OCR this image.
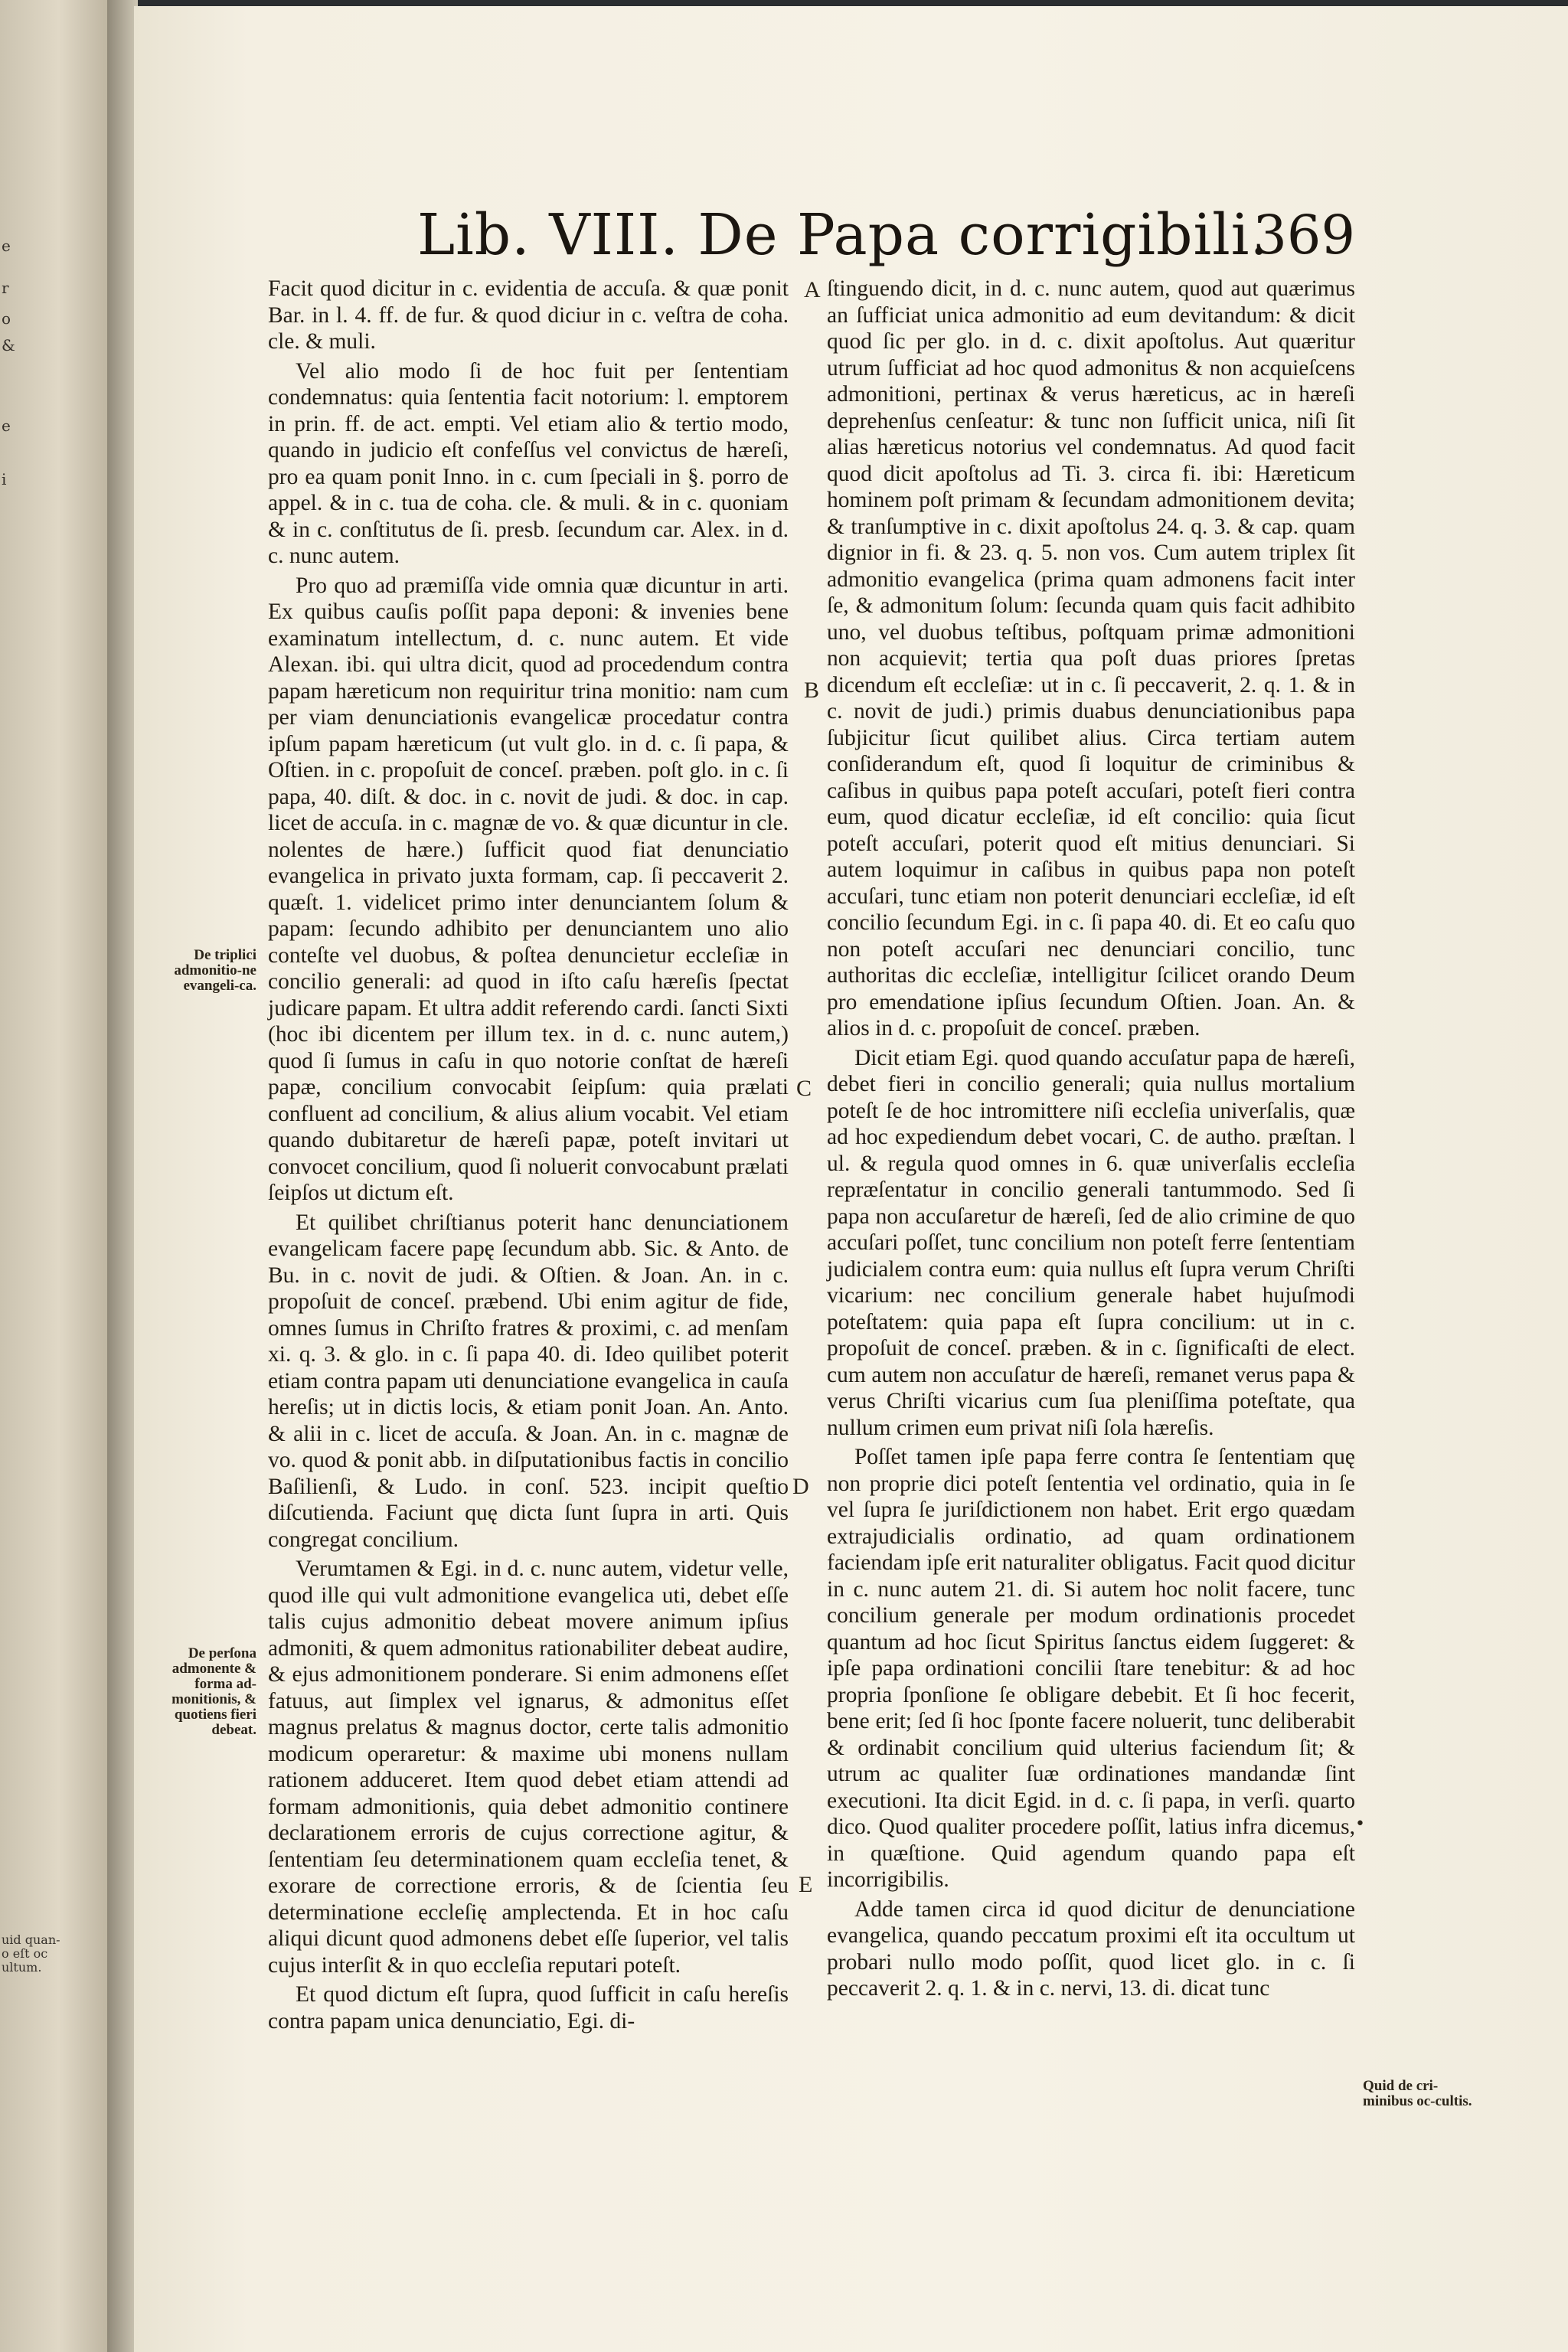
e
r
o
&
e
i
uid quan-
o eſt oc
ultum.
Lib. VIII. De Papa corrigibili.
369
De triplici admonitio-ne evangeli-ca.
De perſona admonente & forma ad-monitionis, & quotiens fieri debeat.
Quid de cri-minibus oc-cultis.
A
B
C
D
E
•

Facit quod dicitur in c. evidentia de accuſa. & quæ ponit Bar. in l. 4. ff. de fur. & quod diciur in c. veſtra de coha. cle. & muli.

Vel alio modo ſi de hoc fuit per ſententiam condemnatus: quia ſententia facit notorium: l. emptorem in prin. ff. de act. empti. Vel etiam alio & tertio modo, quando in judicio eſt confeſſus vel convictus de hæreſi, pro ea quam ponit Inno. in c. cum ſpeciali in §. porro de appel. & in c. tua de coha. cle. & muli. & in c. quoniam & in c. conſtitutus de ſi. presb. ſecundum car. Alex. in d. c. nunc autem.

Pro quo ad præmiſſa vide omnia quæ dicuntur in arti. Ex quibus cauſis poſſit papa deponi: & invenies bene examinatum intellectum, d. c. nunc autem. Et vide Alexan. ibi. qui ultra dicit, quod ad procedendum contra papam hæreticum non requiritur trina monitio: nam cum per viam denunciationis evangelicæ procedatur contra ipſum papam hæreticum (ut vult glo. in d. c. ſi papa, & Oſtien. in c. propoſuit de conceſ. præben. poſt glo. in c. ſi papa, 40. diſt. & doc. in c. novit de judi. & doc. in cap. licet de accuſa. in c. magnæ de vo. & quæ dicuntur in cle. nolentes de hære.) ſufficit quod fiat denunciatio evangelica in privato juxta formam, cap. ſi peccaverit 2. quæſt. 1. videlicet primo inter denunciantem ſolum & papam: ſecundo adhibito per denunciantem uno alio conteſte vel duobus, & poſtea denuncietur eccleſiæ in concilio generali: ad quod in iſto caſu hæreſis ſpectat judicare papam. Et ultra addit referendo cardi. ſancti Sixti (hoc ibi dicentem per illum tex. in d. c. nunc autem,) quod ſi ſumus in caſu in quo notorie conſtat de hæreſi papæ, concilium convocabit ſeipſum: quia prælati confluent ad concilium, & alius alium vocabit. Vel etiam quando dubitaretur de hæreſi papæ, poteſt invitari ut convocet concilium, quod ſi noluerit convocabunt prælati ſeipſos ut dictum eſt.

Et quilibet chriſtianus poterit hanc denunciationem evangelicam facere papę ſecundum abb. Sic. & Anto. de Bu. in c. novit de judi. & Oſtien. & Joan. An. in c. propoſuit de conceſ. præbend. Ubi enim agitur de fide, omnes ſumus in Chriſto fratres & proximi, c. ad menſam xi. q. 3. & glo. in c. ſi papa 40. di. Ideo quilibet poterit etiam contra papam uti denunciatione evangelica in cauſa hereſis; ut in dictis locis, & etiam ponit Joan. An. Anto. & alii in c. licet de accuſa. & Joan. An. in c. magnæ de vo. quod & ponit abb. in diſputationibus factis in concilio Baſilienſi, & Ludo. in conſ. 523. incipit queſtio diſcutienda. Faciunt quę dicta ſunt ſupra in arti. Quis congregat concilium.

Verumtamen & Egi. in d. c. nunc autem, videtur velle, quod ille qui vult admonitione evangelica uti, debet eſſe talis cujus admonitio debeat movere animum ipſius admoniti, & quem admonitus rationabiliter debeat audire, & ejus admonitionem ponderare. Si enim admonens eſſet fatuus, aut ſimplex vel ignarus, & admonitus eſſet magnus prelatus & magnus doctor, certe talis admonitio modicum operaretur: & maxime ubi monens nullam rationem adduceret. Item quod debet etiam attendi ad formam admonitionis, quia debet admonitio continere declarationem erroris de cujus correctione agitur, & ſententiam ſeu determinationem quam eccleſia tenet, & exorare de correctione erroris, & de ſcientia ſeu determinatione eccleſię amplectenda. Et in hoc caſu aliqui dicunt quod admonens debet eſſe ſuperior, vel talis cujus interſit & in quo eccleſia reputari poteſt.

Et quod dictum eſt ſupra, quod ſufficit in caſu hereſis contra papam unica denunciatio, Egi. di-

ſtinguendo dicit, in d. c. nunc autem, quod aut quærimus an ſufficiat unica admonitio ad eum devitandum: & dicit quod ſic per glo. in d. c. dixit apoſtolus. Aut quæritur utrum ſufficiat ad hoc quod admonitus & non acquieſcens admonitioni, pertinax & verus hæreticus, ac in hæreſi deprehenſus cenſeatur: & tunc non ſufficit unica, niſi ſit alias hæreticus notorius vel condemnatus. Ad quod facit quod dicit apoſtolus ad Ti. 3. circa fi. ibi: Hæreticum hominem poſt primam & ſecundam admonitionem devita; & tranſumptive in c. dixit apoſtolus 24. q. 3. & cap. quam dignior in fi. & 23. q. 5. non vos. Cum autem triplex ſit admonitio evangelica (prima quam admonens facit inter ſe, & admonitum ſolum: ſecunda quam quis facit adhibito uno, vel duobus teſtibus, poſtquam primæ admonitioni non acquievit; tertia qua poſt duas priores ſpretas dicendum eſt eccleſiæ: ut in c. ſi peccaverit, 2. q. 1. & in c. novit de judi.) primis duabus denunciationibus papa ſubjicitur ſicut quilibet alius. Circa tertiam autem conſiderandum eſt, quod ſi loquitur de criminibus & caſibus in quibus papa poteſt accuſari, poteſt fieri contra eum, quod dicatur eccleſiæ, id eſt concilio: quia ſicut poteſt accuſari, poterit quod eſt mitius denunciari. Si autem loquimur in caſibus in quibus papa non poteſt accuſari, tunc etiam non poterit denunciari eccleſiæ, id eſt concilio ſecundum Egi. in c. ſi papa 40. di. Et eo caſu quo non poteſt accuſari nec denunciari concilio, tunc authoritas dic eccleſiæ, intelligitur ſcilicet orando Deum pro emendatione ipſius ſecundum Oſtien. Joan. An. & alios in d. c. propoſuit de conceſ. præben.

Dicit etiam Egi. quod quando accuſatur papa de hæreſi, debet fieri in concilio generali; quia nullus mortalium poteſt ſe de hoc intromittere niſi eccleſia univerſalis, quæ ad hoc expediendum debet vocari, C. de autho. præſtan. l ul. & regula quod omnes in 6. quæ univerſalis eccleſia repræſentatur in concilio generali tantummodo. Sed ſi papa non accuſaretur de hæreſi, ſed de alio crimine de quo accuſari poſſet, tunc concilium non poteſt ferre ſententiam judicialem contra eum: quia nullus eſt ſupra verum Chriſti vicarium: nec concilium generale habet hujuſmodi poteſtatem: quia papa eſt ſupra concilium: ut in c. propoſuit de conceſ. præben. & in c. ſignificaſti de elect. cum autem non accuſatur de hæreſi, remanet verus papa & verus Chriſti vicarius cum ſua pleniſſima poteſtate, qua nullum crimen eum privat niſi ſola hæreſis.

Poſſet tamen ipſe papa ferre contra ſe ſententiam quę non proprie dici poteſt ſententia vel ordinatio, quia in ſe vel ſupra ſe juriſdictionem non habet. Erit ergo quædam extrajudicialis ordinatio, ad quam ordinationem faciendam ipſe erit naturaliter obligatus. Facit quod dicitur in c. nunc autem 21. di. Si autem hoc nolit facere, tunc concilium generale per modum ordinationis procedet quantum ad hoc ſicut Spiritus ſanctus eidem ſuggeret: & ipſe papa ordinationi concilii ſtare tenebitur: & ad hoc propria ſponſione ſe obligare debebit. Et ſi hoc fecerit, bene erit; ſed ſi hoc ſponte facere noluerit, tunc deliberabit & ordinabit concilium quid ulterius faciendum ſit; & utrum ac qualiter ſuæ ordinationes mandandæ ſint executioni. Ita dicit Egid. in d. c. ſi papa, in verſi. quarto dico. Quod qualiter procedere poſſit, latius infra dicemus, in quæſtione. Quid agendum quando papa eſt incorrigibilis.

Adde tamen circa id quod dicitur de denunciatione evangelica, quando peccatum proximi eſt ita occultum ut probari nullo modo poſſit, quod licet glo. in c. ſi peccaverit 2. q. 1. & in c. nervi, 13. di. dicat tunc
